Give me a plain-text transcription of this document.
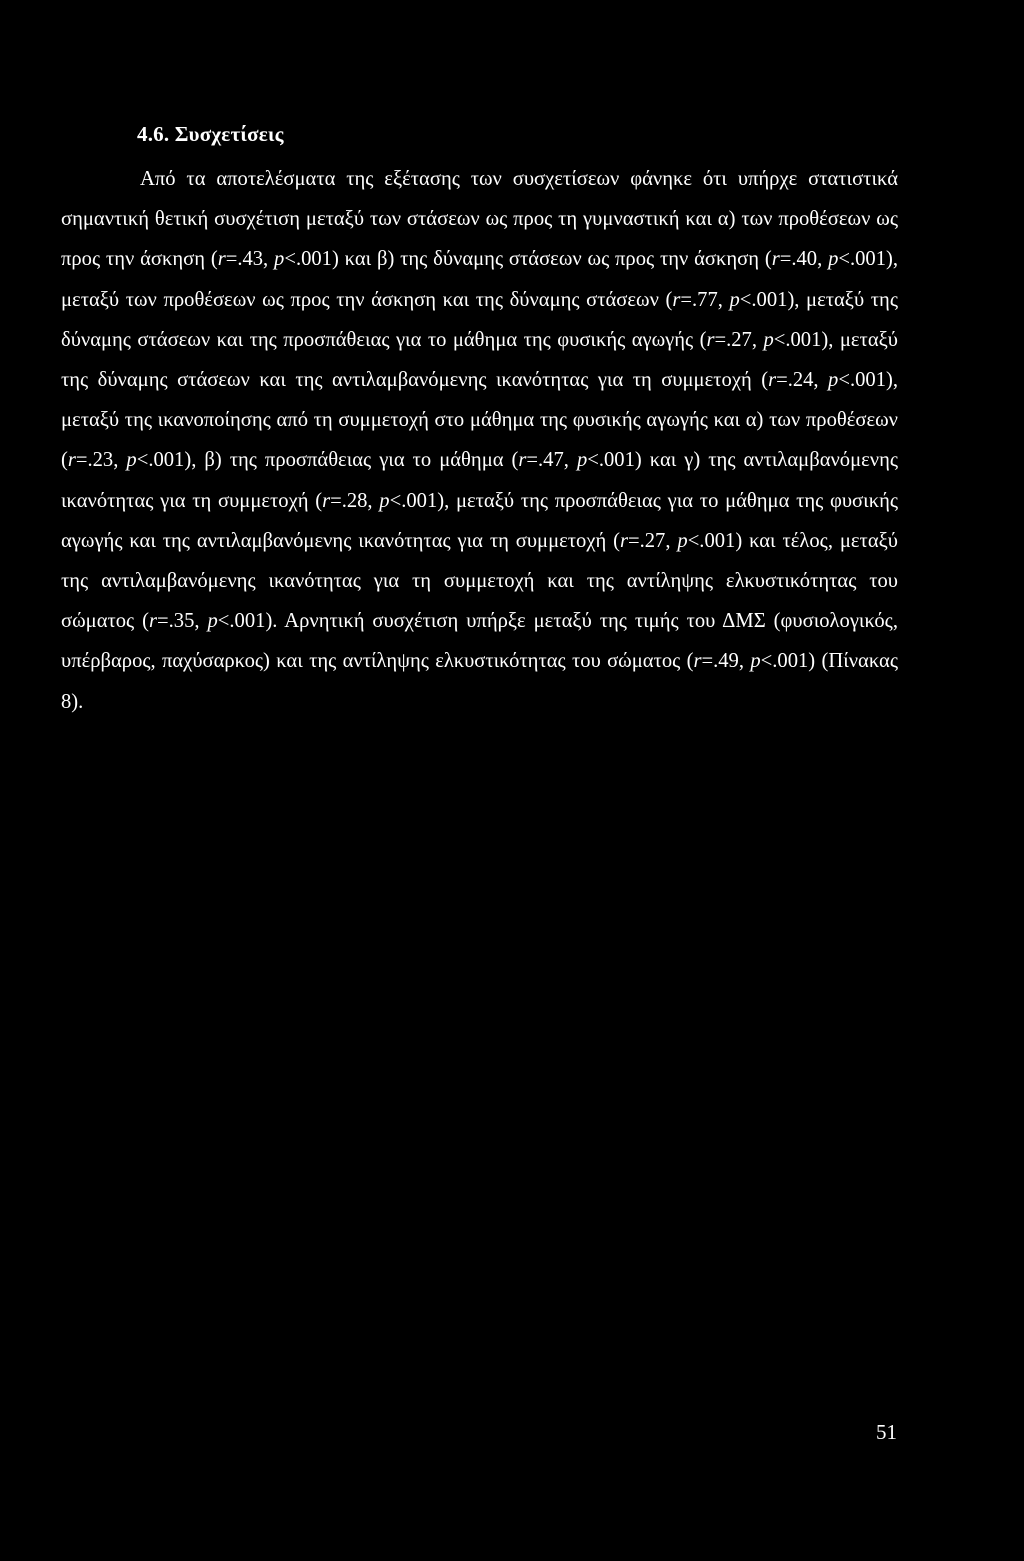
4.6. Συσχετίσεις

Από τα αποτελέσματα της εξέτασης των συσχετίσεων φάνηκε ότι υπήρχε στατιστικά σημαντική θετική συσχέτιση μεταξύ των στάσεων ως προς τη γυμναστική και α) των προθέσεων ως προς την άσκηση (r=.43, p<.001) και β) της δύναμης στάσεων ως προς την άσκηση (r=.40, p<.001), μεταξύ των προθέσεων ως προς την άσκηση και της δύναμης στάσεων (r=.77, p<.001), μεταξύ της δύναμης στάσεων και της προσπάθειας για το μάθημα της φυσικής αγωγής (r=.27, p<.001), μεταξύ της δύναμης στάσεων και της αντιλαμβανόμενης ικανότητας για τη συμμετοχή (r=.24, p<.001), μεταξύ της ικανοποίησης από τη συμμετοχή στο μάθημα της φυσικής αγωγής και α) των προθέσεων (r=.23, p<.001), β) της προσπάθειας για το μάθημα (r=.47, p<.001) και γ) της αντιλαμβανόμενης ικανότητας για τη συμμετοχή (r=.28, p<.001), μεταξύ της προσπάθειας για το μάθημα της φυσικής αγωγής και της αντιλαμβανόμενης ικανότητας για τη συμμετοχή (r=.27, p<.001) και τέλος, μεταξύ της αντιλαμβανόμενης ικανότητας για τη συμμετοχή και της αντίληψης ελκυστικότητας του σώματος (r=.35, p<.001). Αρνητική συσχέτιση υπήρξε μεταξύ της τιμής του ΔΜΣ (φυσιολογικός, υπέρβαρος, παχύσαρκος) και της αντίληψης ελκυστικότητας του σώματος (r=.49, p<.001) (Πίνακας 8).

51
